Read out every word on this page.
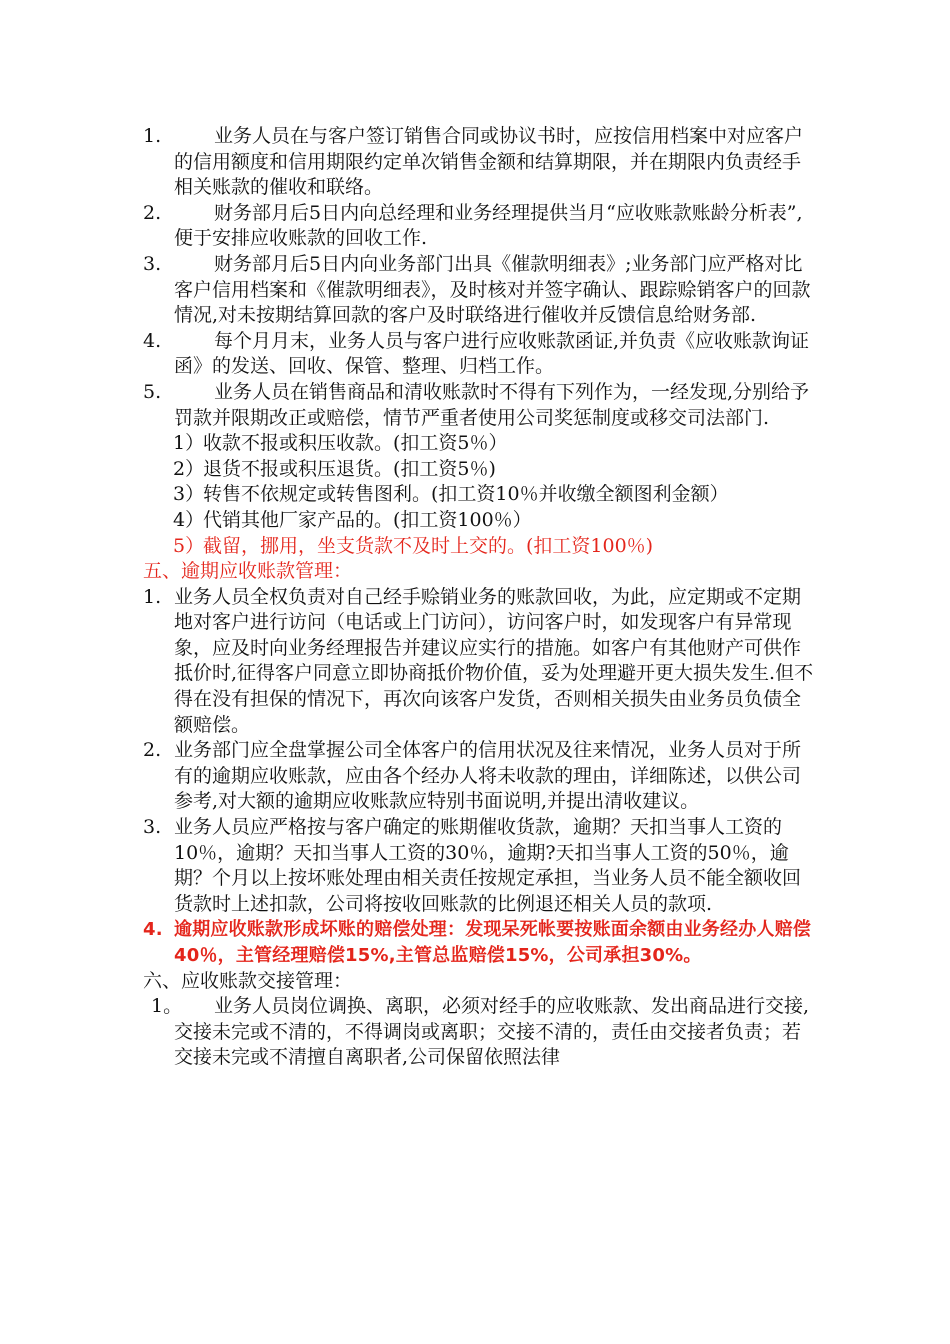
1.	业务人员在与客户签订销售合同或协议书时，应按信用档案中对应客户的信用额度和信用期限约定单次销售金额和结算期限，并在期限内负责经手相关账款的催收和联络。
2.	财务部月后5日内向总经理和业务经理提供当月“应收账款账龄分析表”,便于安排应收账款的回收工作.
3.	财务部月后5日内向业务部门出具《催款明细表》;业务部门应严格对比客户信用档案和《催款明细表》，及时核对并签字确认、跟踪赊销客户的回款情况,对未按期结算回款的客户及时联络进行催收并反馈信息给财务部.
4.	每个月月末，业务人员与客户进行应收账款函证,并负责《应收账款询证函》的发送、回收、保管、整理、归档工作。
5.	业务人员在销售商品和清收账款时不得有下列作为，一经发现,分别给予罚款并限期改正或赔偿，情节严重者使用公司奖惩制度或移交司法部门.
1）
收款不报或积压收款。(扣工资5％）
2）
退货不报或积压退货。(扣工资5％)
3）
转售不依规定或转售图利。(扣工资10％并收缴全额图利金额）
4）
代销其他厂家产品的。(扣工资100％）
5）
截留，挪用，坐支货款不及时上交的。(扣工资100％)
五、逾期应收账款管理：
1. 业务人员全权负责对自己经手赊销业务的账款回收，为此，应定期或不定期地对客户进行访问（电话或上门访问），访问客户时，如发现客户有异常现象，应及时向业务经理报告并建议应实行的措施。如客户有其他财产可供作抵价时,征得客户同意立即协商抵价物价值，妥为处理避开更大损失发生.但不得在没有担保的情况下，再次向该客户发货，否则相关损失由业务员负债全额赔偿。
2. 业务部门应全盘掌握公司全体客户的信用状况及往来情况，业务人员对于所有的逾期应收账款，应由各个经办人将未收款的理由，详细陈述，以供公司参考,对大额的逾期应收账款应特别书面说明,并提出清收建议。
3. 业务人员应严格按与客户确定的账期催收货款，逾期？天扣当事人工资的10％，逾期？天扣当事人工资的30％，逾期?天扣当事人工资的50％，逾期？个月以上按坏账处理由相关责任按规定承担，当业务人员不能全额收回货款时上述扣款，公司将按收回账款的比例退还相关人员的款项.
4. 逾期应收账款形成坏账的赔偿处理：发现呆死帐要按账面余额由业务经办人赔偿40％，主管经理赔偿15%,主管总监赔偿15%，公司承担30%。
六、应收账款交接管理：
1。	业务人员岗位调换、离职，必须对经手的应收账款、发出商品进行交接,交接未完或不清的，不得调岗或离职；交接不清的，责任由交接者负责；若交接未完或不清擅自离职者,公司保留依照法律
